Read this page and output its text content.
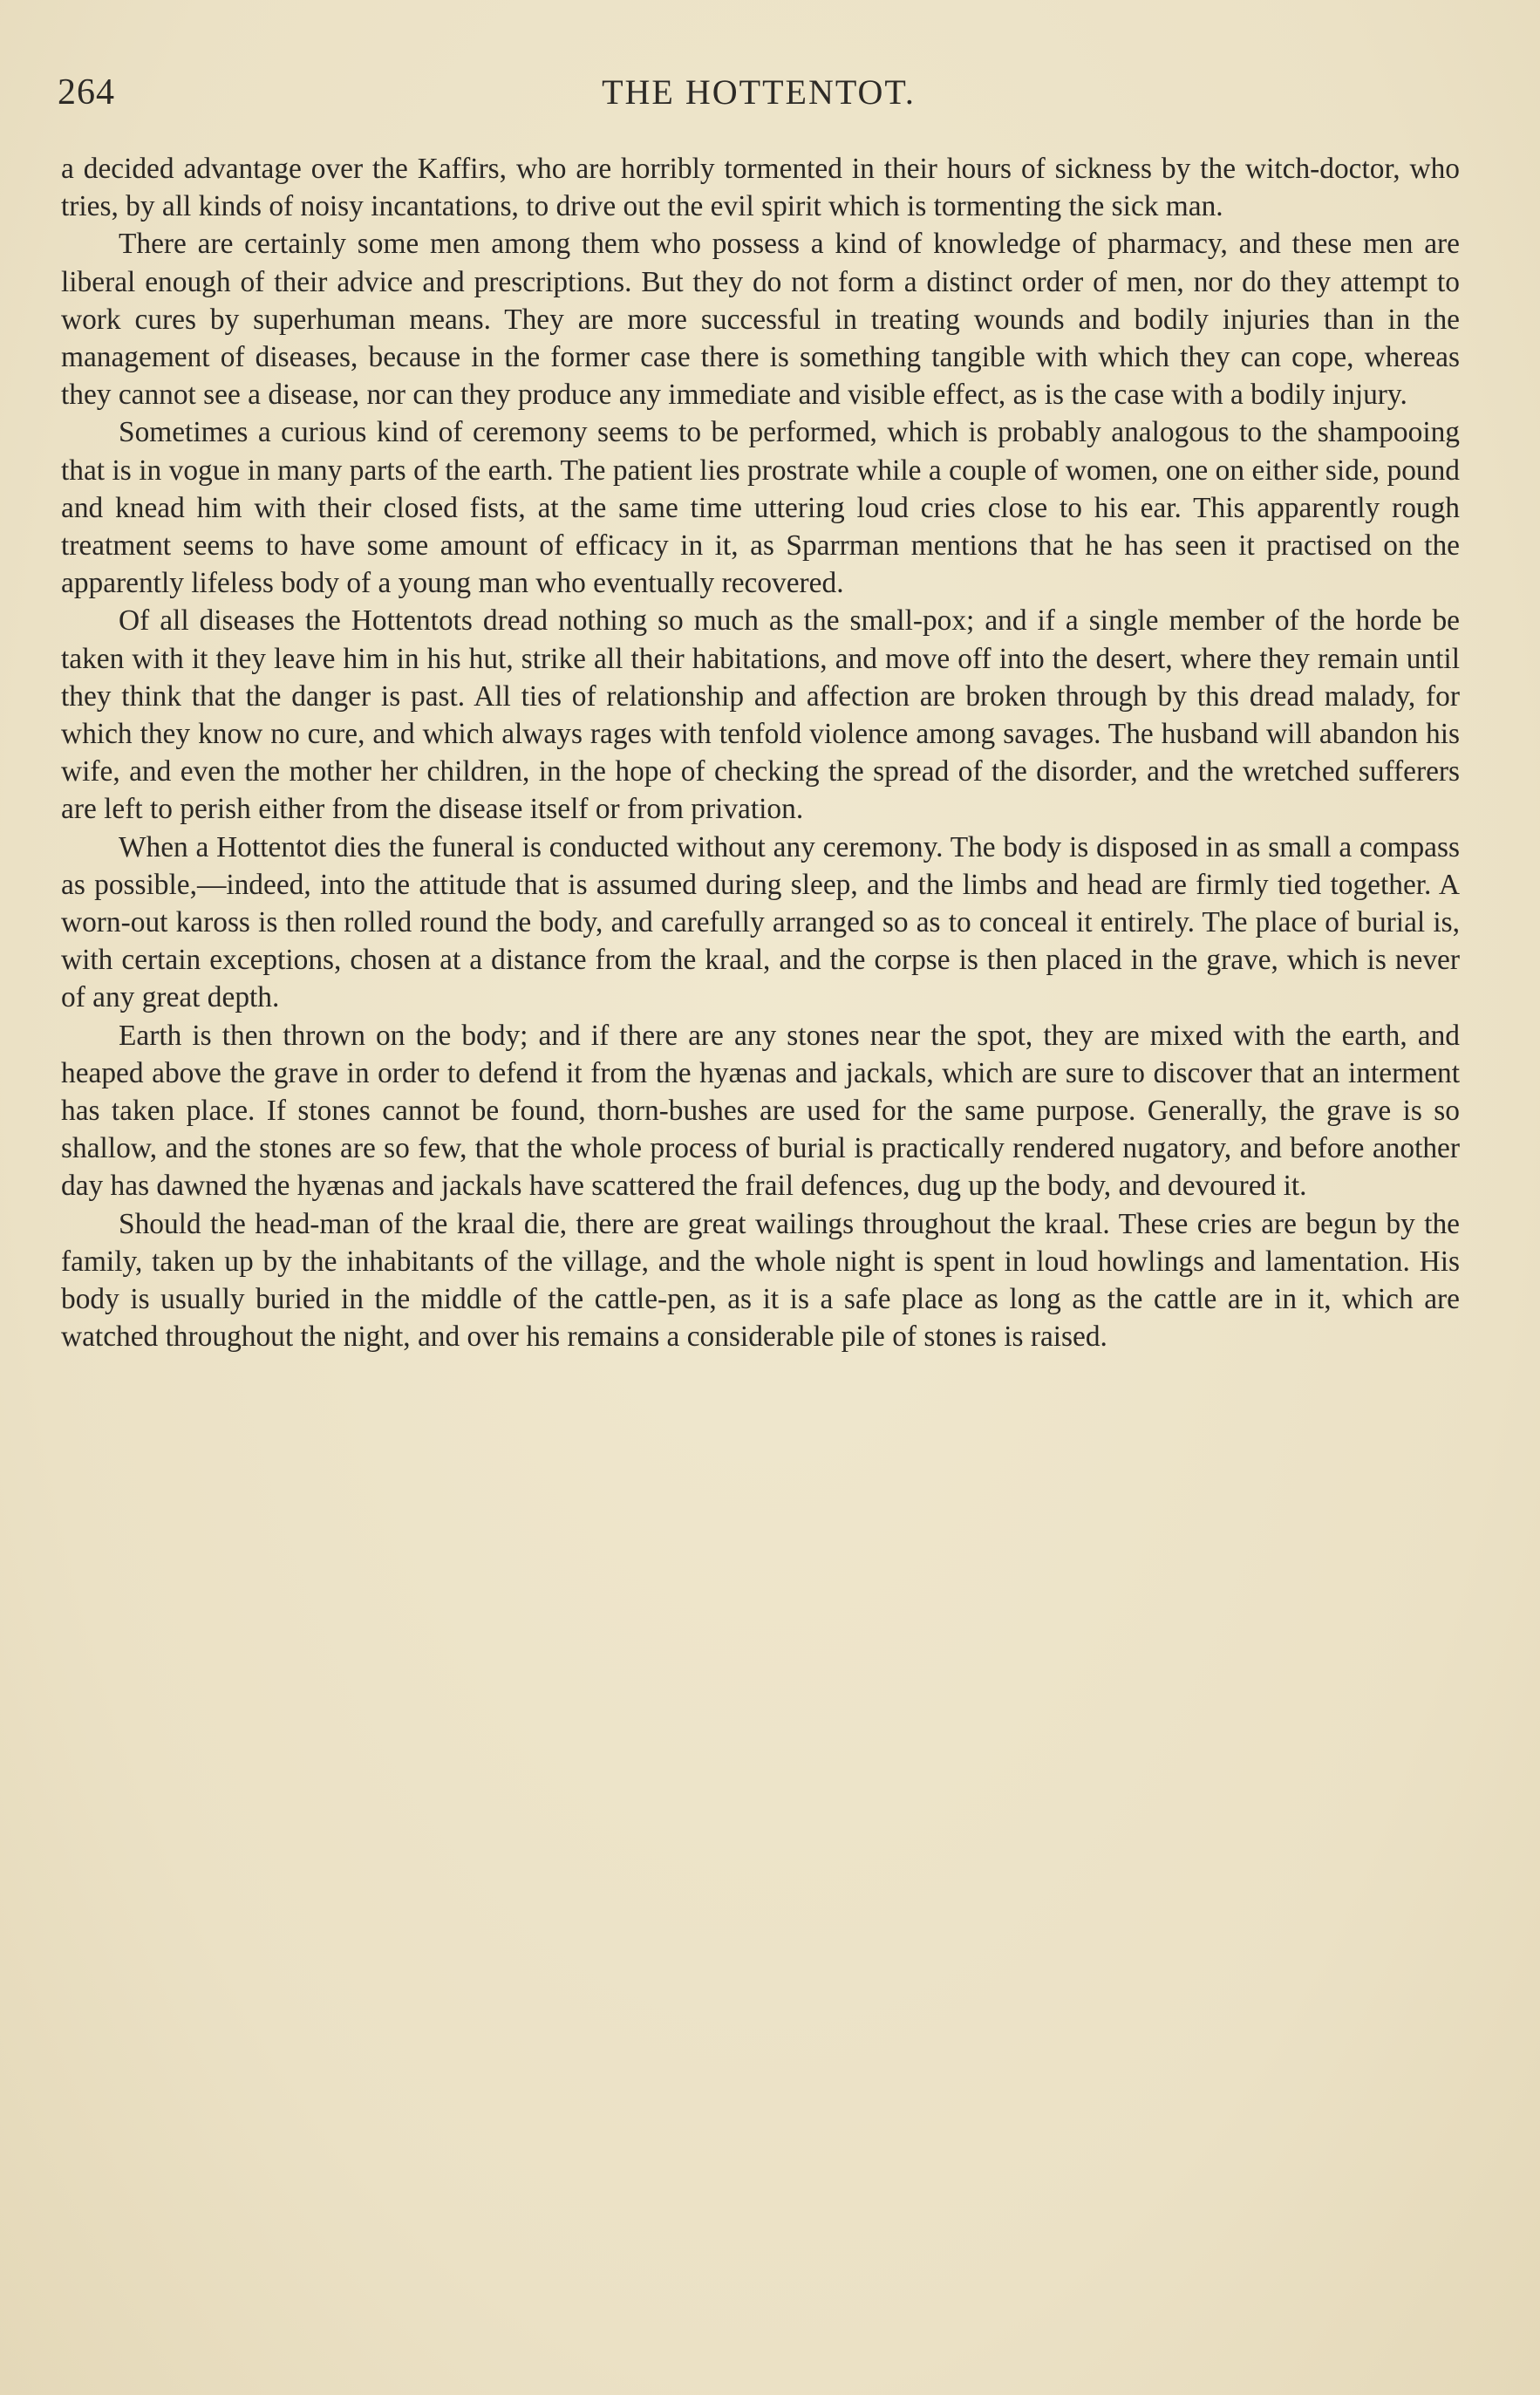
264	THE HOTTENTOT.

a decided advantage over the Kaffirs, who are horribly tormented in their hours of sickness by the witch-doctor, who tries, by all kinds of noisy incantations, to drive out the evil spirit which is tormenting the sick man.

There are certainly some men among them who possess a kind of knowledge of pharmacy, and these men are liberal enough of their advice and prescriptions. But they do not form a distinct order of men, nor do they attempt to work cures by superhuman means. They are more successful in treating wounds and bodily injuries than in the management of diseases, because in the former case there is something tangible with which they can cope, whereas they cannot see a disease, nor can they produce any immediate and visible effect, as is the case with a bodily injury.

Sometimes a curious kind of ceremony seems to be performed, which is probably analogous to the shampooing that is in vogue in many parts of the earth. The patient lies prostrate while a couple of women, one on either side, pound and knead him with their closed fists, at the same time uttering loud cries close to his ear. This apparently rough treatment seems to have some amount of efficacy in it, as Sparrman mentions that he has seen it practised on the apparently lifeless body of a young man who eventually recovered.

Of all diseases the Hottentots dread nothing so much as the small-pox; and if a single member of the horde be taken with it they leave him in his hut, strike all their habitations, and move off into the desert, where they remain until they think that the danger is past. All ties of relationship and affection are broken through by this dread malady, for which they know no cure, and which always rages with tenfold violence among savages. The husband will abandon his wife, and even the mother her children, in the hope of checking the spread of the disorder, and the wretched sufferers are left to perish either from the disease itself or from privation.

When a Hottentot dies the funeral is conducted without any ceremony. The body is disposed in as small a compass as possible,—indeed, into the attitude that is assumed during sleep, and the limbs and head are firmly tied together. A worn-out kaross is then rolled round the body, and carefully arranged so as to conceal it entirely. The place of burial is, with certain exceptions, chosen at a distance from the kraal, and the corpse is then placed in the grave, which is never of any great depth.

Earth is then thrown on the body; and if there are any stones near the spot, they are mixed with the earth, and heaped above the grave in order to defend it from the hyænas and jackals, which are sure to discover that an interment has taken place. If stones cannot be found, thorn-bushes are used for the same purpose. Generally, the grave is so shallow, and the stones are so few, that the whole process of burial is practically rendered nugatory, and before another day has dawned the hyænas and jackals have scattered the frail defences, dug up the body, and devoured it.

Should the head-man of the kraal die, there are great wailings throughout the kraal. These cries are begun by the family, taken up by the inhabitants of the village, and the whole night is spent in loud howlings and lamentation. His body is usually buried in the middle of the cattle-pen, as it is a safe place as long as the cattle are in it, which are watched throughout the night, and over his remains a considerable pile of stones is raised.
